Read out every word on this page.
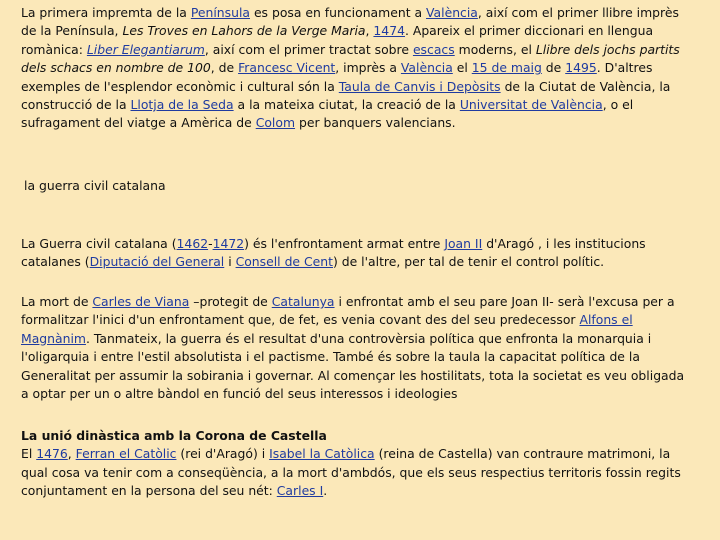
La primera impremta de la Península es posa en funcionament a València, així com el primer llibre imprès de la Península, Les Troves en Lahors de la Verge Maria, 1474. Apareix el primer diccionari en llengua romànica: Liber Elegantiarum, així com el primer tractat sobre escacs moderns, el Llibre dels jochs partits dels schacs en nombre de 100, de Francesc Vicent, imprès a València el 15 de maig de 1495. D'altres exemples de l'esplendor econòmic i cultural són la Taula de Canvis i Depòsits de la Ciutat de València, la construcció de la Llotja de la Seda a la mateixa ciutat, la creació de la Universitat de València, o el sufragament del viatge a Amèrica de Colom per banquers valencians.

la guerra civil catalana

La Guerra civil catalana (1462-1472) és l'enfrontament armat entre Joan II d'Aragó , i les institucions catalanes (Diputació del General i Consell de Cent) de l'altre, per tal de tenir el control polític.

La mort de Carles de Viana –protegit de Catalunya i enfrontat amb el seu pare Joan II- serà l'excusa per a formalitzar l'inici d'un enfrontament que, de fet, es venia covant des del seu predecessor Alfons el Magnànim. Tanmateix, la guerra és el resultat d'una controvèrsia política que enfronta la monarquia i l'oligarquia i entre l'estil absolutista i el pactisme. També és sobre la taula la capacitat política de la Generalitat per assumir la sobirania i governar. Al començar les hostilitats, tota la societat es veu obligada a optar per un o altre bàndol en funció del seus interessos i ideologies

La unió dinàstica amb la Corona de Castella

El 1476, Ferran el Catòlic (rei d'Aragó) i Isabel la Catòlica (reina de Castella) van contraure matrimoni, la qual cosa va tenir com a conseqüència, a la mort d'ambdós, que els seus respectius territoris fossin regits conjuntament en la persona del seu nét: Carles I.
